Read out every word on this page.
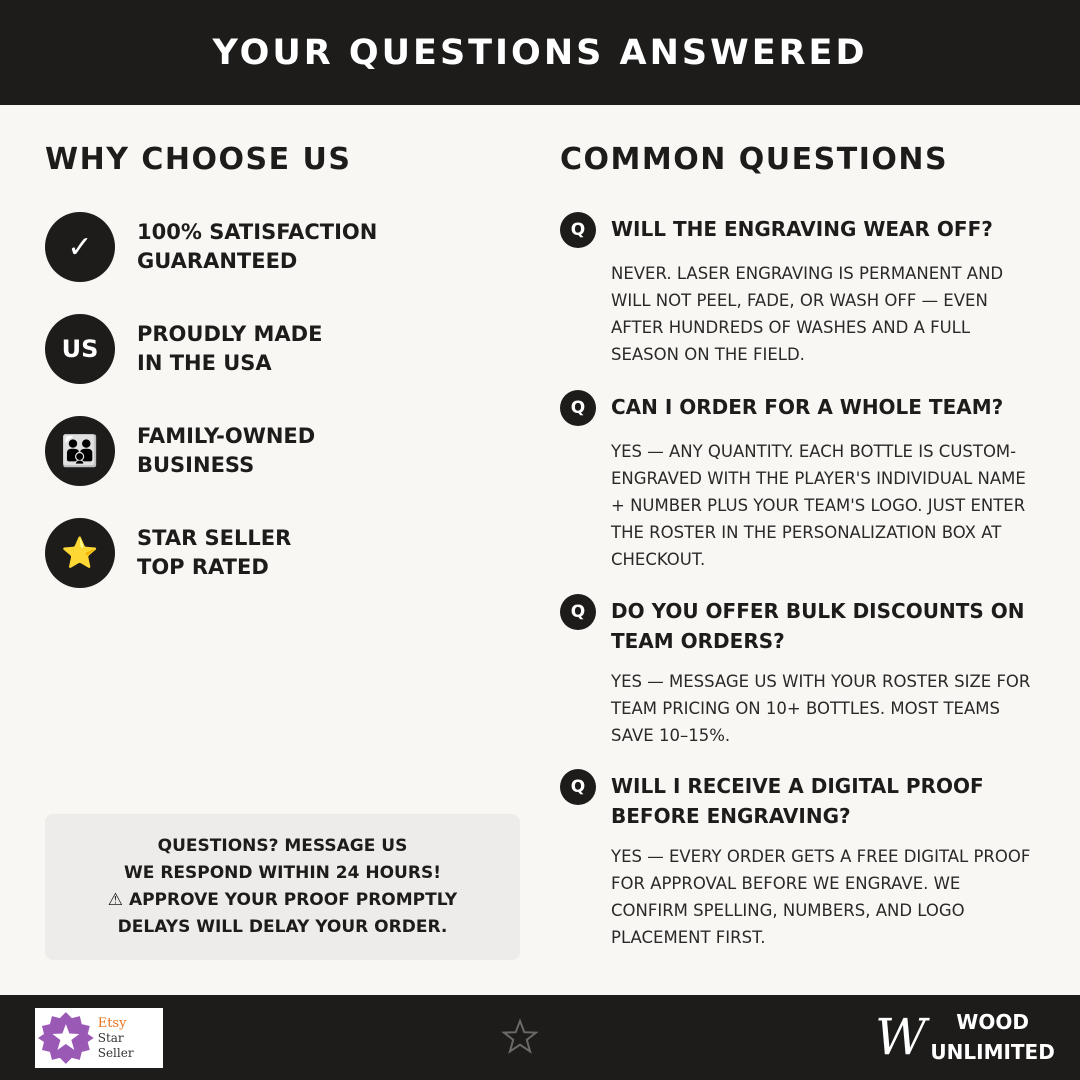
YOUR QUESTIONS ANSWERED
WHY CHOOSE US
✓ 100% SATISFACTION
GUARANTEED
US
PROUDLY MADE
IN THE USA
👪 FAMILY-OWNED
BUSINESS
⭐ STAR SELLER
TOP RATED
QUESTIONS? MESSAGE US
WE RESPOND WITHIN 24 HOURS!
⚠ APPROVE YOUR PROOF PROMPTLY
DELAYS WILL DELAY YOUR ORDER.
COMMON QUESTIONS
Q	WILL THE ENGRAVING WEAR OFF?
NEVER. LASER ENGRAVING IS PERMANENT AND WILL NOT PEEL, FADE, OR WASH OFF — EVEN AFTER HUNDREDS OF WASHES AND A FULL SEASON ON THE FIELD.
Q	CAN I ORDER FOR A WHOLE TEAM?
YES — ANY QUANTITY. EACH BOTTLE IS CUSTOM-ENGRAVED WITH THE PLAYER'S INDIVIDUAL NAME + NUMBER PLUS YOUR TEAM'S LOGO. JUST ENTER THE ROSTER IN THE PERSONALIZATION BOX AT CHECKOUT.
Q	DO YOU OFFER BULK DISCOUNTS ON TEAM ORDERS?
YES — MESSAGE US WITH YOUR ROSTER SIZE FOR TEAM PRICING ON 10+ BOTTLES. MOST TEAMS SAVE 10–15%.
Q	WILL I RECEIVE A DIGITAL PROOF BEFORE ENGRAVING?
YES — EVERY ORDER GETS A FREE DIGITAL PROOF FOR APPROVAL BEFORE WE ENGRAVE. WE CONFIRM SPELLING, NUMBERS, AND LOGO PLACEMENT FIRST.
Etsy
Star Seller	W	WOOD
UNLIMITED
